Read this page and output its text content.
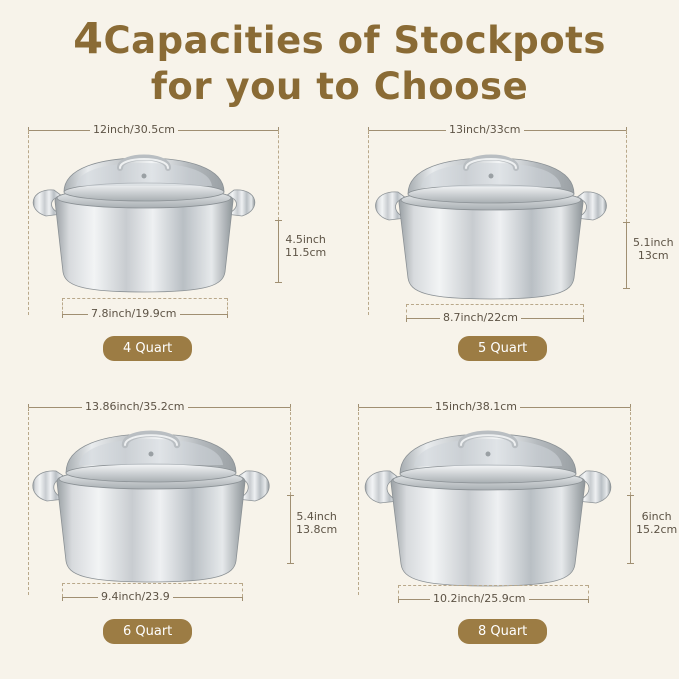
4Capacities of Stockpots
for you to Choose
12inch/30.5cm
4.5inch
11.5cm
7.8inch/19.9cm
4 Quart
13inch/33cm
5.1inch
13cm
8.7inch/22cm
5 Quart
13.86inch/35.2cm
5.4inch
13.8cm
9.4inch/23.9
6 Quart
15inch/38.1cm
6inch
15.2cm
10.2inch/25.9cm
8 Quart
